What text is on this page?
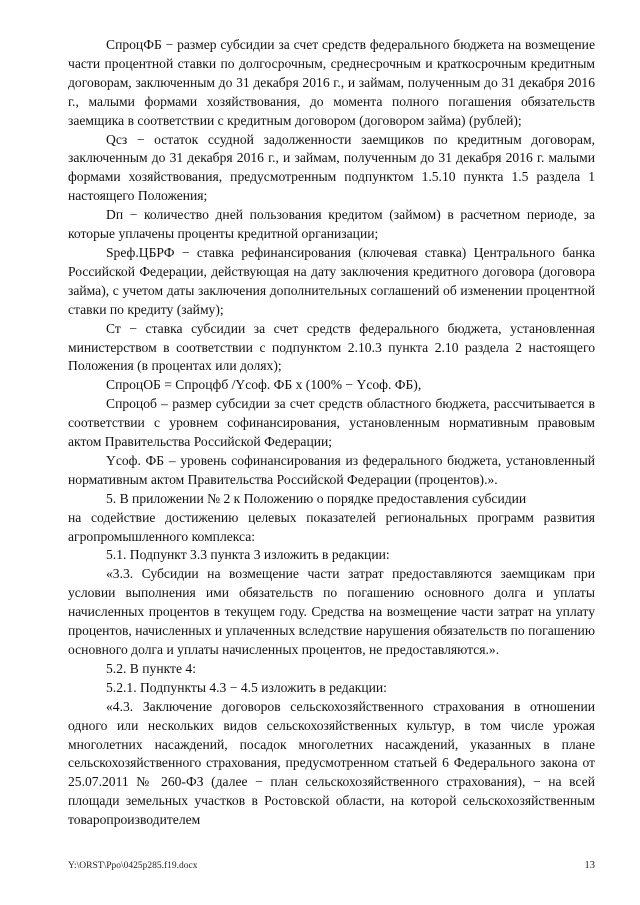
СпроцФБ − размер субсидии за счет средств федерального бюджета на возмещение части процентной ставки по долгосрочным, среднесрочным и краткосрочным кредитным договорам, заключенным до 31 декабря 2016 г., и займам, полученным до 31 декабря 2016 г., малыми формами хозяйствования, до момента полного погашения обязательств заемщика в соответствии с кредитным договором (договором займа) (рублей);

Qcз − остаток ссудной задолженности заемщиков по кредитным договорам, заключенным до 31 декабря 2016 г., и займам, полученным до 31 декабря 2016 г. малыми формами хозяйствования, предусмотренным подпунктом 1.5.10 пункта 1.5 раздела 1 настоящего Положения;

Dп − количество дней пользования кредитом (займом) в расчетном периоде, за которые уплачены проценты кредитной организации;

Sреф.ЦБРФ − ставка рефинансирования (ключевая ставка) Центрального банка Российской Федерации, действующая на дату заключения кредитного договора (договора займа), с учетом даты заключения дополнительных соглашений об изменении процентной ставки по кредиту (займу);

Ст − ставка субсидии за счет средств федерального бюджета, установленная министерством в соответствии с подпунктом 2.10.3 пункта 2.10 раздела 2 настоящего Положения (в процентах или долях);

СпроцОБ = Спроцфб /Yсоф. ФБ х (100% − Yсоф. ФБ),

Спроцоб – размер субсидии за счет средств областного бюджета, рассчитывается в соответствии с уровнем софинансирования, установленным нормативным правовым актом Правительства Российской Федерации;

Yсоф. ФБ – уровень софинансирования из федерального бюджета, установленный нормативным актом Правительства Российской Федерации (процентов).».

5. В приложении № 2 к Положению о порядке предоставления субсидии

на содействие достижению целевых показателей региональных программ развития агропромышленного комплекса:

5.1. Подпункт 3.3 пункта 3 изложить в редакции:

«3.3. Субсидии на возмещение части затрат предоставляются заемщикам при условии выполнения ими обязательств по погашению основного долга и уплаты начисленных процентов в текущем году. Средства на возмещение части затрат на уплату процентов, начисленных и уплаченных вследствие нарушения обязательств по погашению основного долга и уплаты начисленных процентов, не предоставляются.».

5.2. В пункте 4:

5.2.1. Подпункты 4.3 − 4.5 изложить в редакции:

«4.3. Заключение договоров сельскохозяйственного страхования в отношении одного или нескольких видов сельскохозяйственных культур, в том числе урожая многолетних насаждений, посадок многолетних насаждений, указанных в плане сельскохозяйственного страхования, предусмотренном статьей 6 Федерального закона от 25.07.2011 № 260-ФЗ (далее − план сельскохозяйственного страхования), − на всей площади земельных участков в Ростовской области, на которой сельскохозяйственным товаропроизводителем

Y:\ORST\Ppo\0425p285.f19.docx	13
